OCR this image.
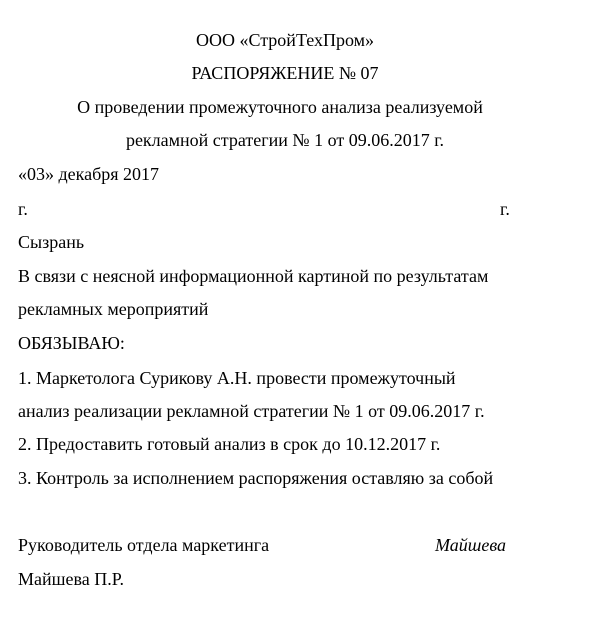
ООО «СтройТехПром»
РАСПОРЯЖЕНИЕ № 07
О проведении промежуточного анализа реализуемой
рекламной стратегии № 1 от 09.06.2017 г.
«03» декабря 2017
г.	г.
Сызрань
В связи с неясной информационной картиной по результатам
рекламных мероприятий
ОБЯЗЫВАЮ:
1. Маркетолога Сурикову А.Н. провести промежуточный
анализ реализации рекламной стратегии № 1 от 09.06.2017 г.
2. Предоставить готовый анализ в срок до 10.12.2017 г.
3. Контроль за исполнением распоряжения оставляю за собой
Руководитель отдела маркетинга	Майшева
Майшева П.Р.
